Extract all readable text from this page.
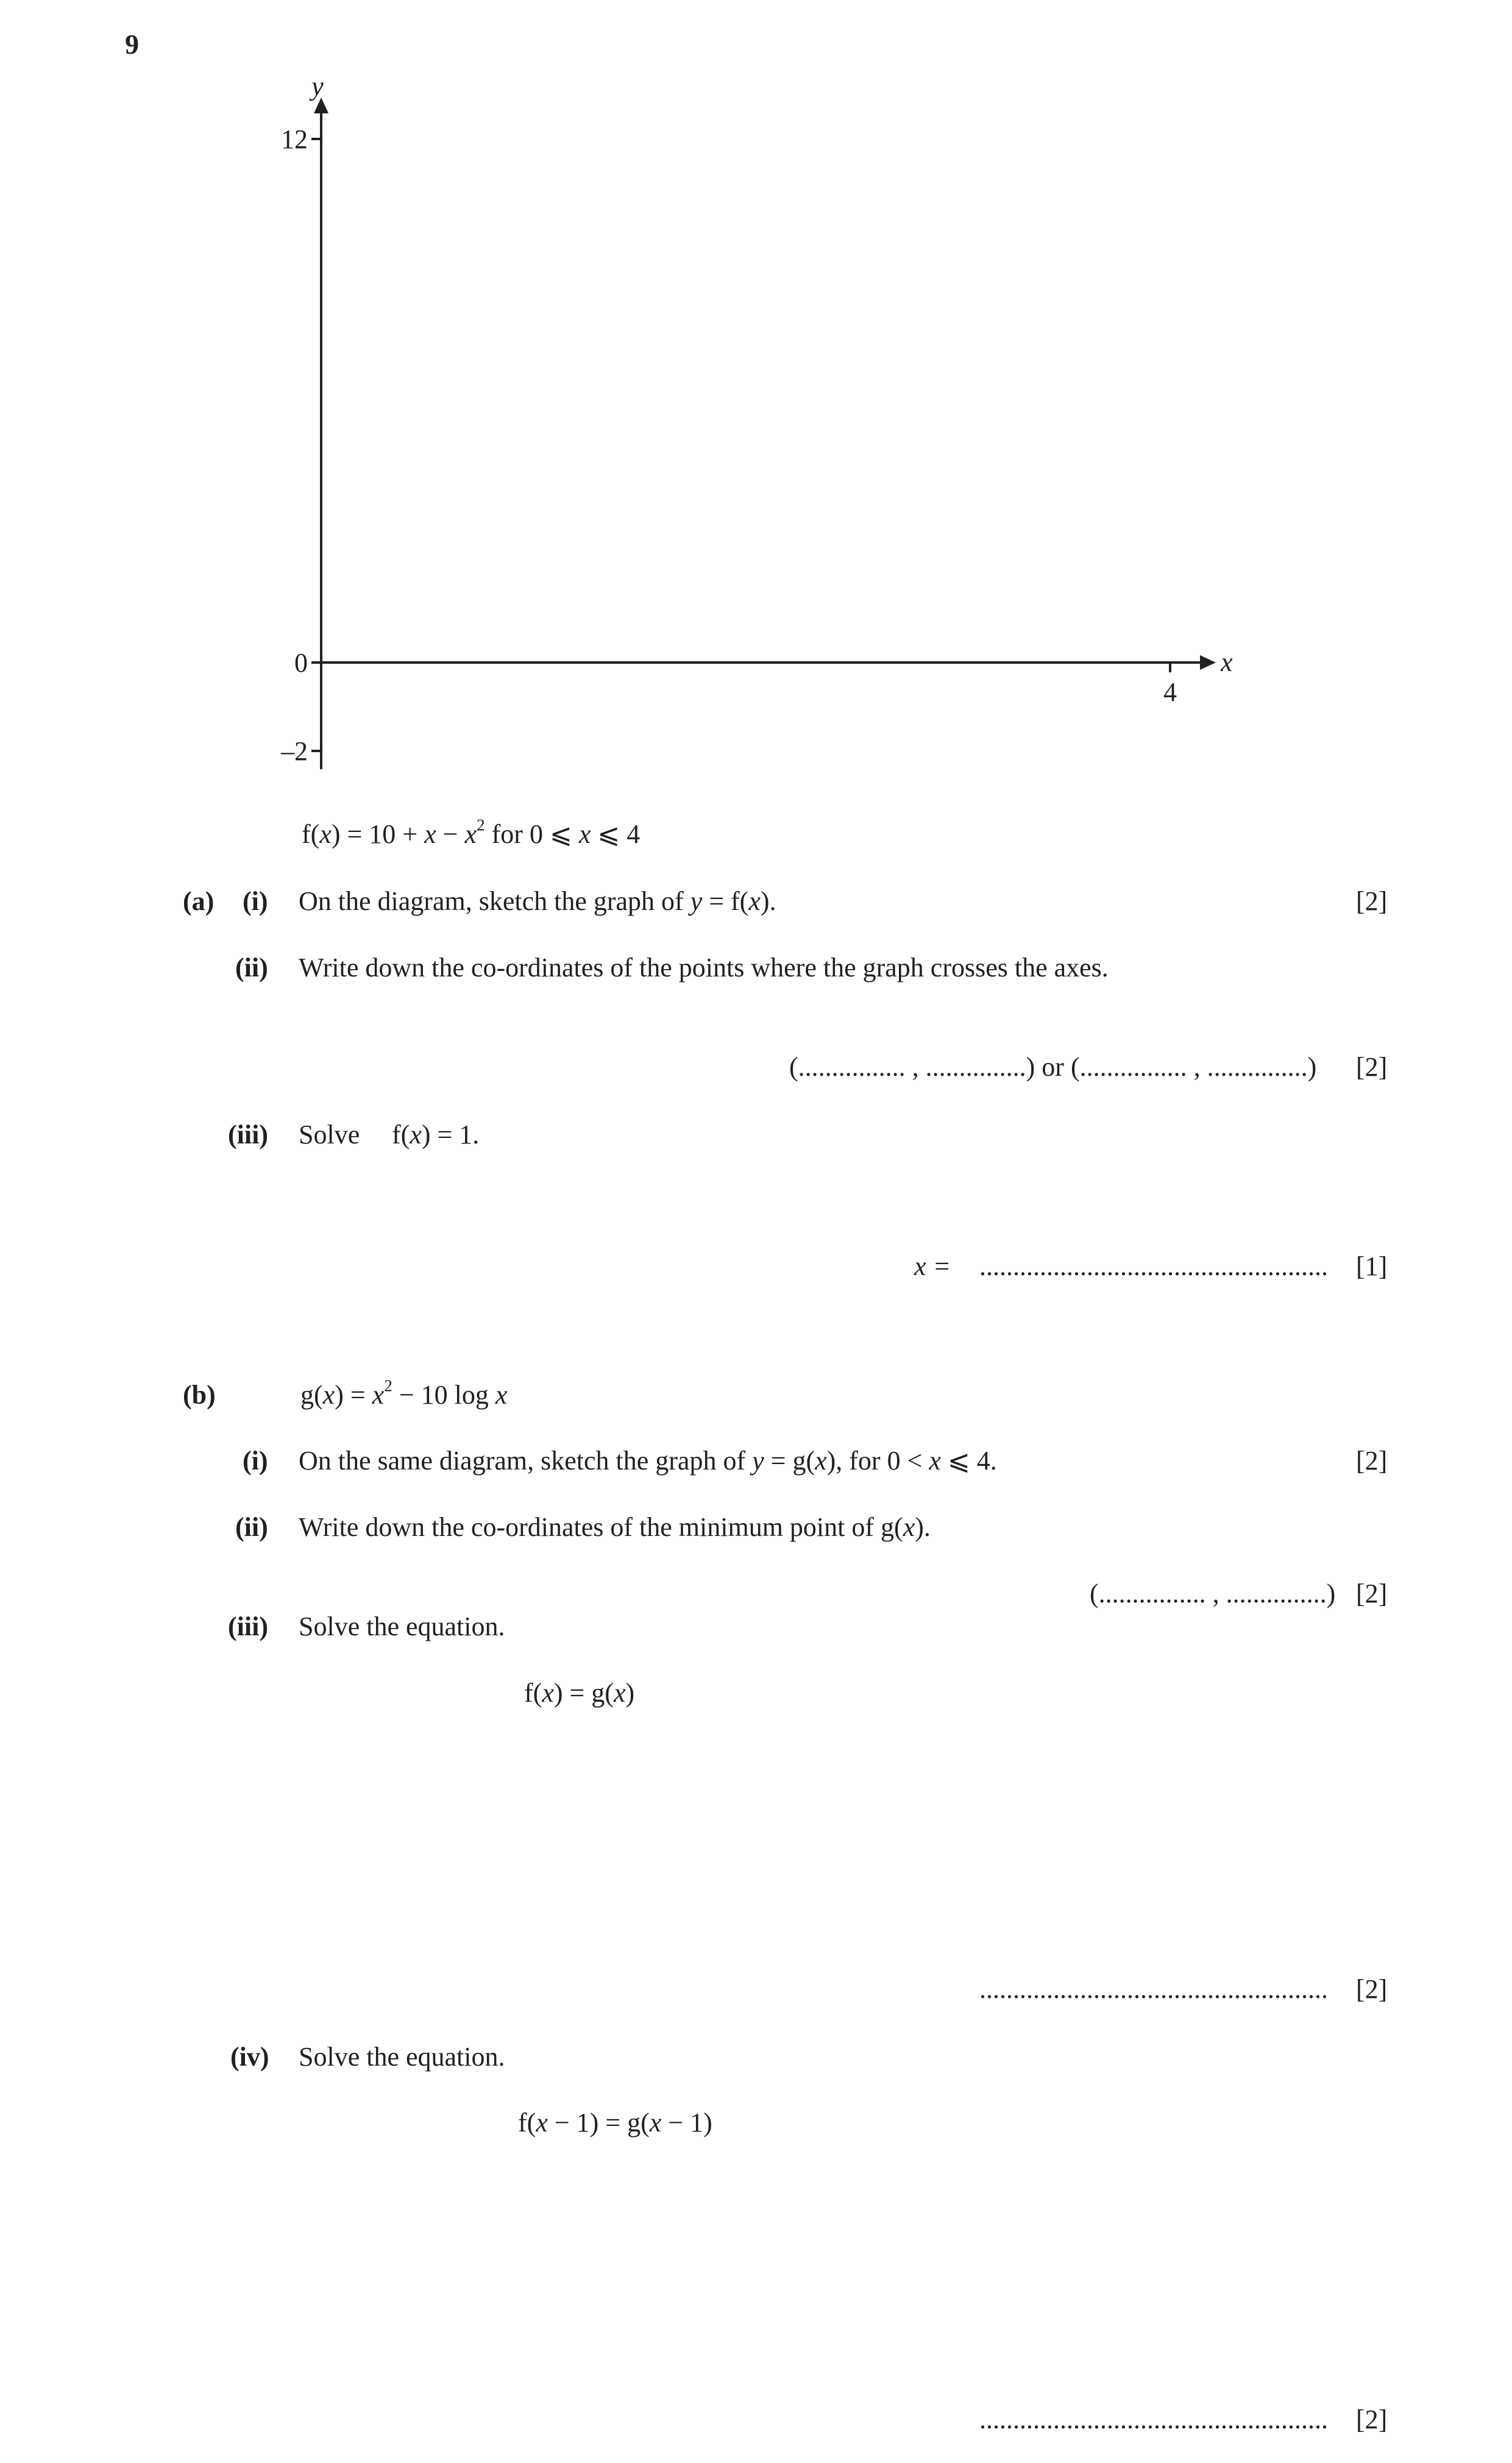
9
y
12
0
–2
x
4
$f(x) = 10 + x - x^2$ for 0 ⩽ x ⩽ 4
(a) (i) On the diagram, sketch the graph of y = f(x).	[2]
(ii) Write down the co-ordinates of the points where the graph crosses the axes.
(................ , ...............) or (................ , ...............) [2]
(iii) Solve f(x) = 1.
x = .................................................... [1]
(b)	$g(x) = x^2 - 10$ log x
(i) On the same diagram, sketch the graph of y = g(x), for 0 < x ⩽ 4.	[2]
(ii) Write down the co-ordinates of the minimum point of g(x).
(................ , ...............) [2]
(iii) Solve the equation.
f(x) = g(x)
.................................................... [2]
(iv) Solve the equation.
f(x − 1) = g(x − 1)
.................................................... [2]
